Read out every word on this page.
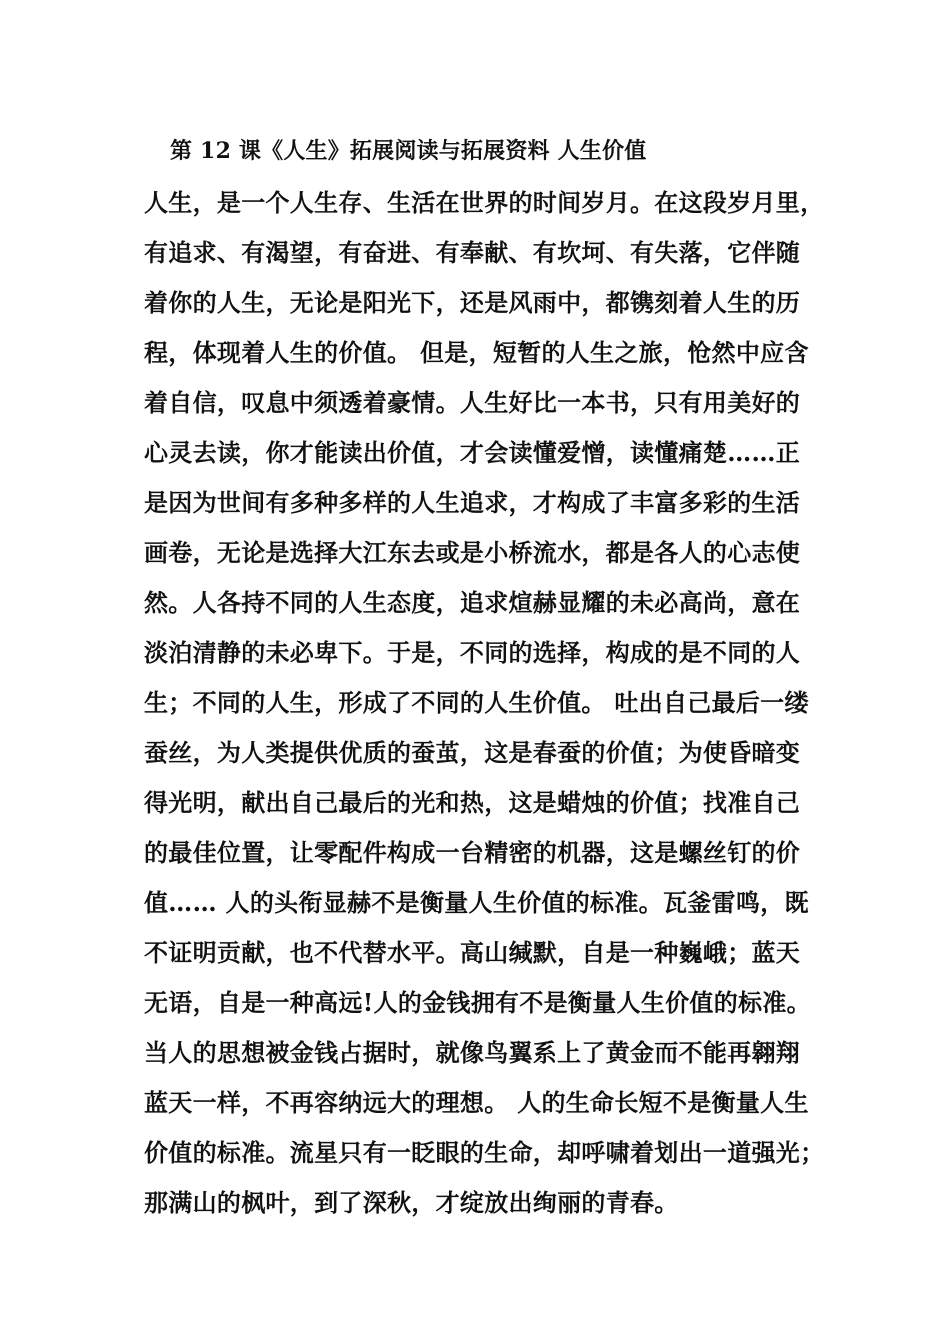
第 12 课《人生》拓展阅读与拓展资料 人生价值
人生，是一个人生存、生活在世界的时间岁月。在这段岁月里，
有追求、有渴望，有奋进、有奉献、有坎坷、有失落，它伴随
着你的人生，无论是阳光下，还是风雨中，都镌刻着人生的历
程，体现着人生的价值。 但是，短暂的人生之旅，怆然中应含
着自信，叹息中须透着豪情。人生好比一本书，只有用美好的
心灵去读，你才能读出价值，才会读懂爱憎，读懂痛楚……正
是因为世间有多种多样的人生追求，才构成了丰富多彩的生活
画卷，无论是选择大江东去或是小桥流水，都是各人的心志使
然。人各持不同的人生态度，追求煊赫显耀的未必高尚，意在
淡泊清静的未必卑下。于是，不同的选择，构成的是不同的人
生；不同的人生，形成了不同的人生价值。 吐出自己最后一缕
蚕丝，为人类提供优质的蚕茧，这是春蚕的价值；为使昏暗变
得光明，献出自己最后的光和热，这是蜡烛的价值；找准自己
的最佳位置，让零配件构成一台精密的机器，这是螺丝钉的价
值…… 人的头衔显赫不是衡量人生价值的标准。瓦釜雷鸣，既
不证明贡献，也不代替水平。高山缄默，自是一种巍峨；蓝天
无语，自是一种高远!人的金钱拥有不是衡量人生价值的标准。
当人的思想被金钱占据时，就像鸟翼系上了黄金而不能再翱翔
蓝天一样，不再容纳远大的理想。 人的生命长短不是衡量人生
价值的标准。流星只有一眨眼的生命，却呼啸着划出一道强光；
那满山的枫叶，到了深秋，才绽放出绚丽的青春。
